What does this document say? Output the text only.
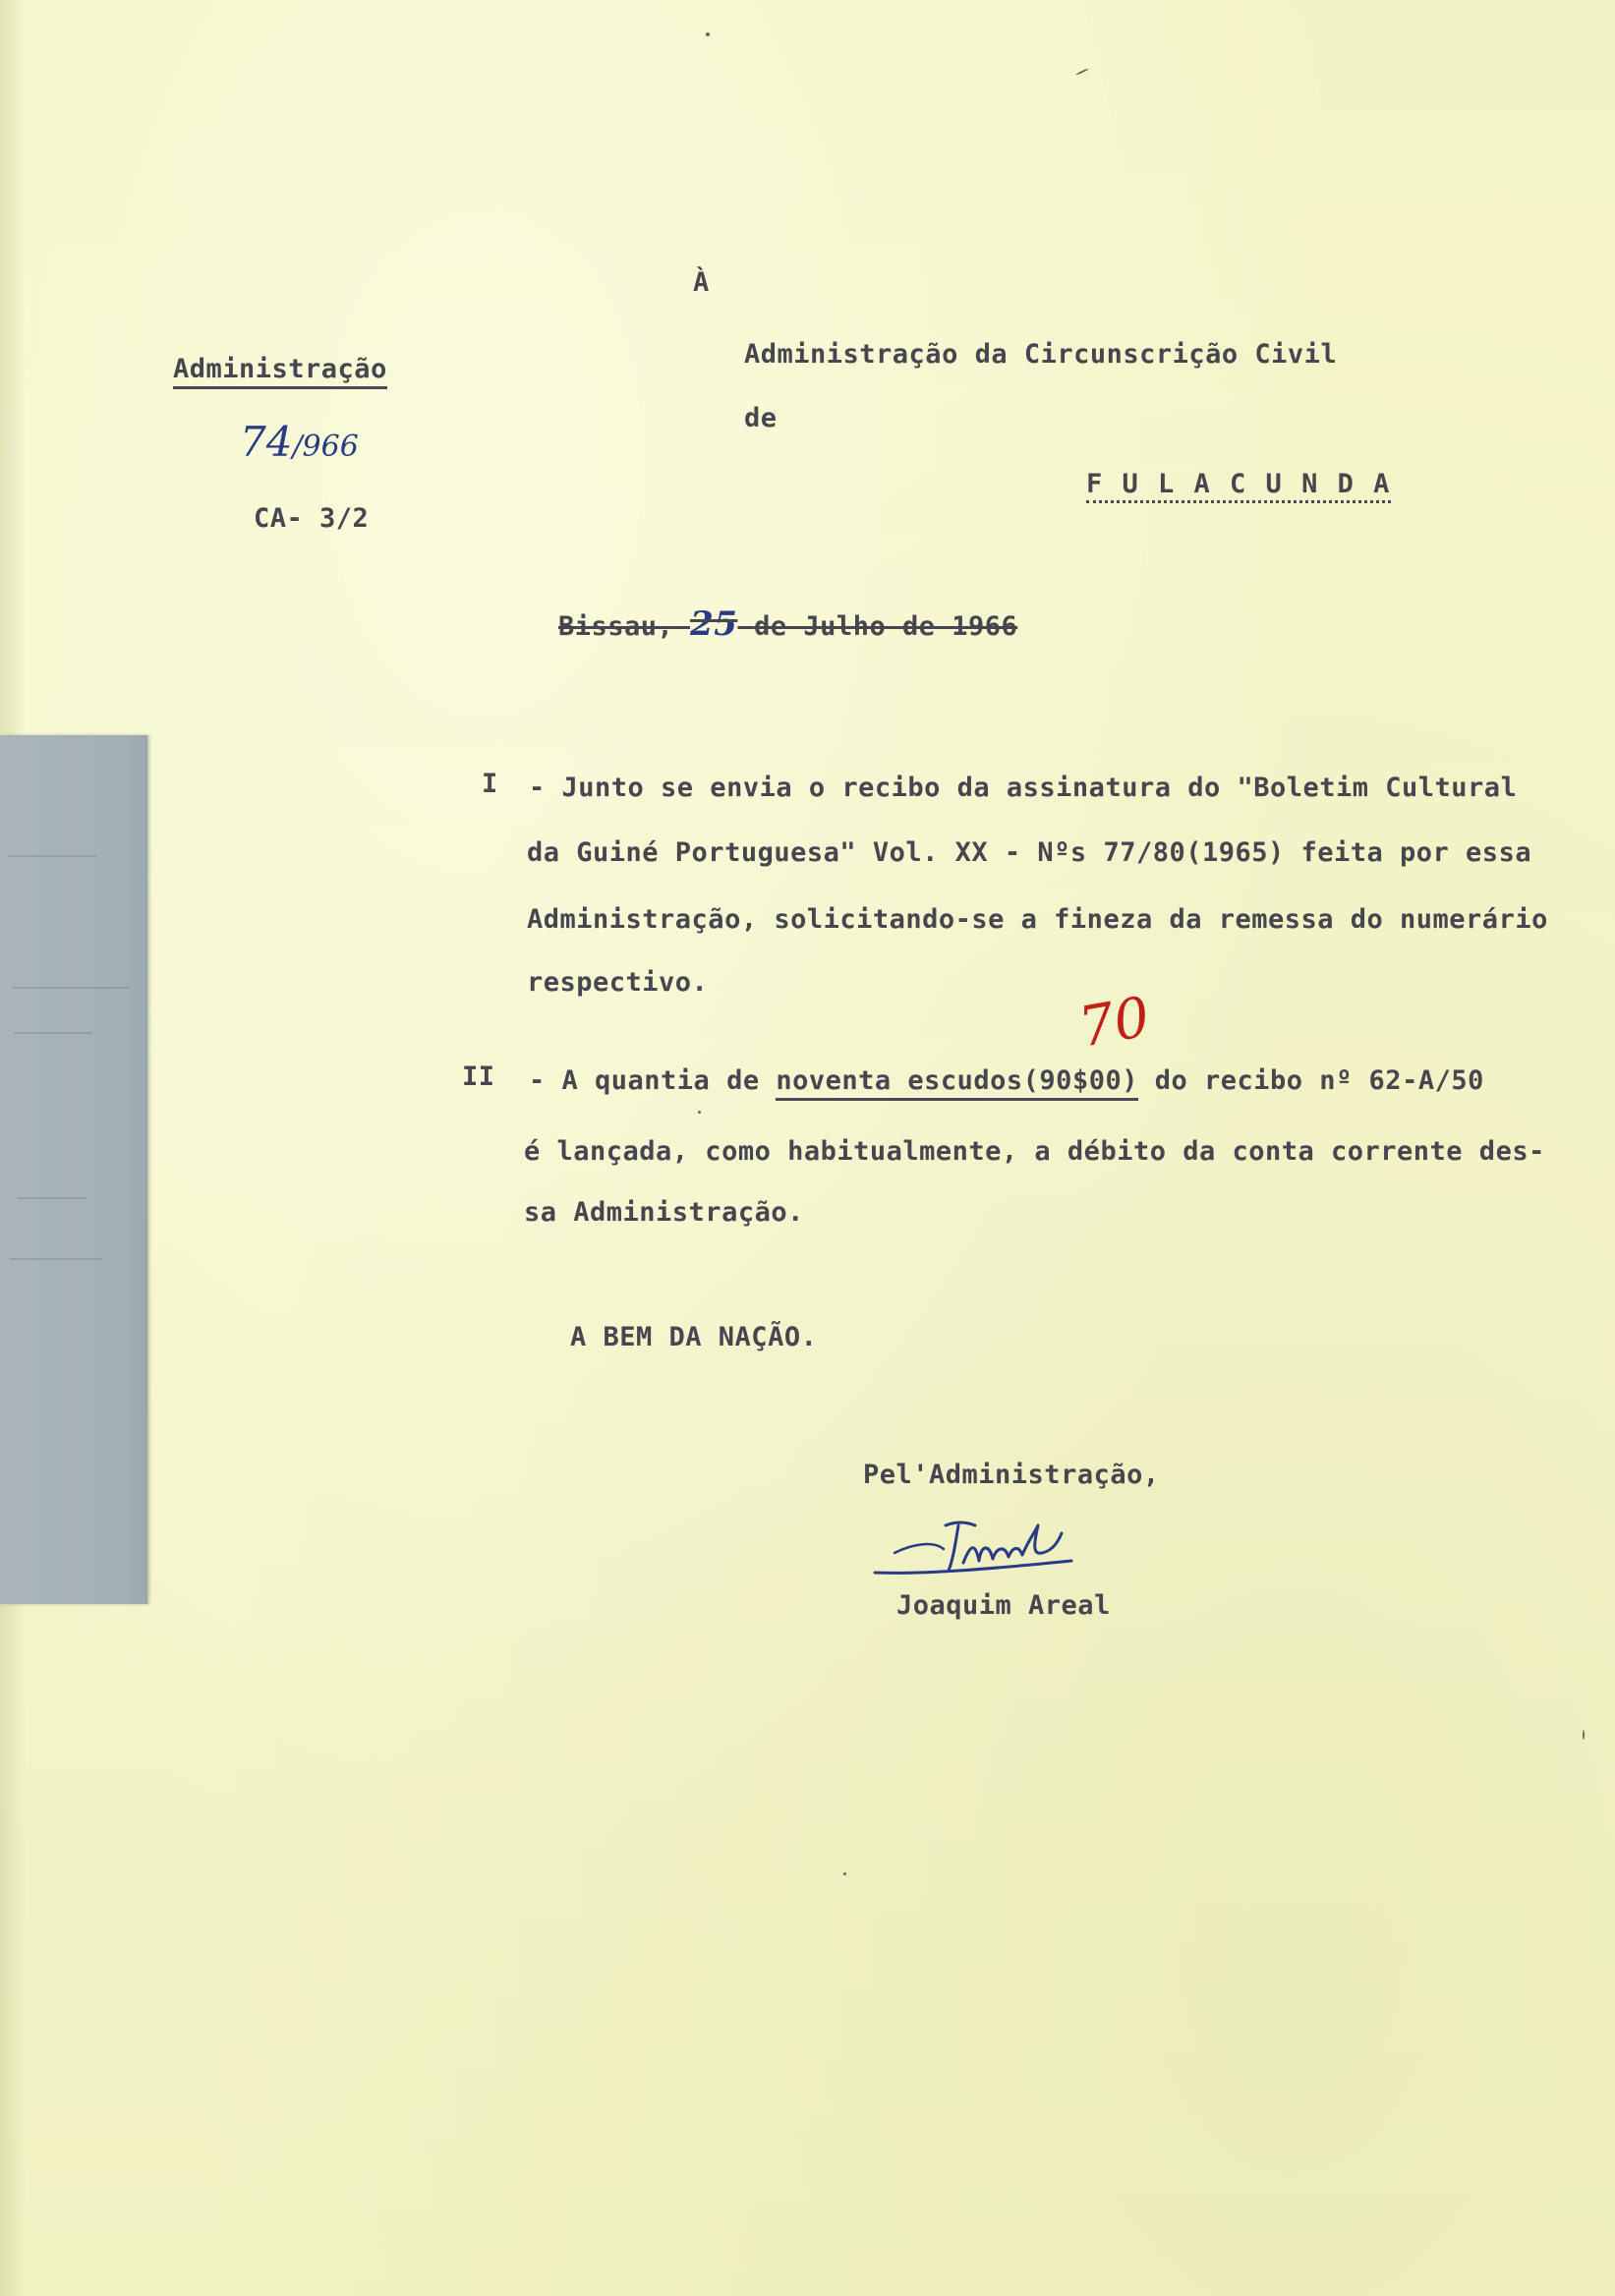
À
Administração da Circunscrição Civil
de
F U L A C U N D A
Administração
74/966
CA- 3/2
Bissau, 25 de Julho de 1966
I - Junto se envia o recibo da assinatura do "Boletim Cultural
da Guiné Portuguesa" Vol. XX - Nºs 77/80(1965) feita por essa
Administração, solicitando-se a fineza da remessa do numerário
respectivo.
II - A quantia de noventa escudos(90$00) do recibo nº 62-A/50
70
é lançada, como habitualmente, a débito da conta corrente des-
sa Administração.
A BEM DA NAÇÃO.
Pel'Administração,
Joaquim Areal
